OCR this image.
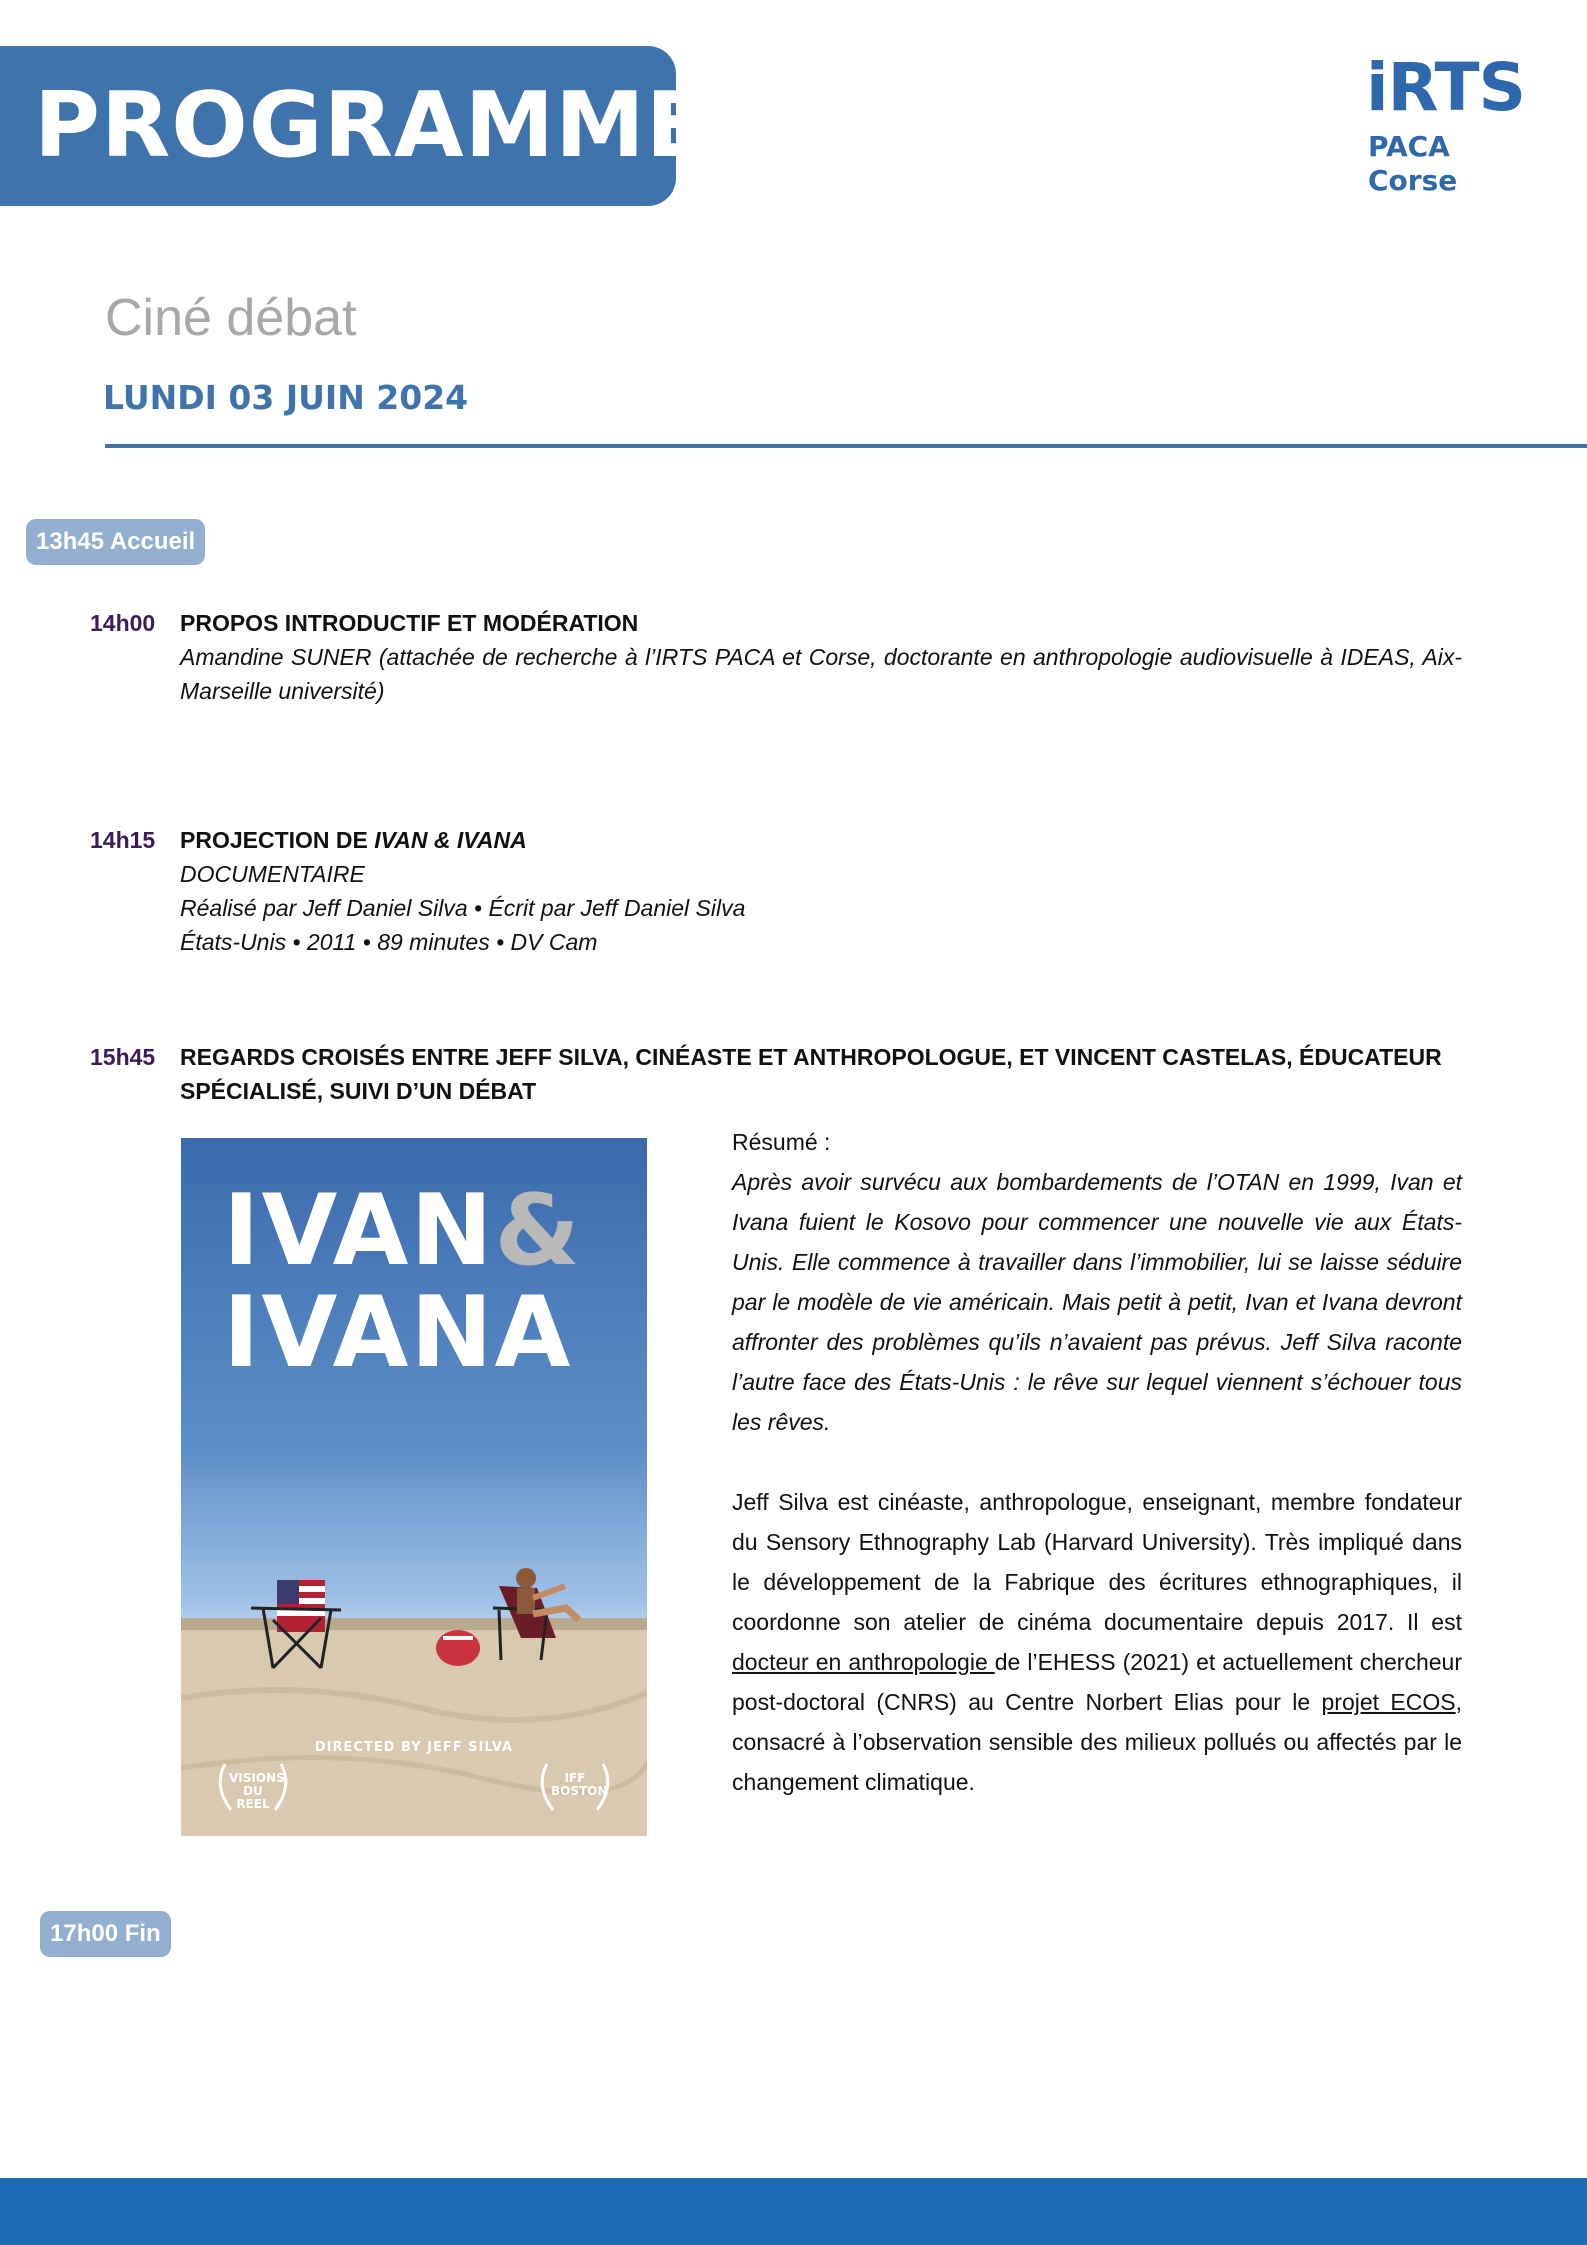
PROGRAMME	iRTS
PACA Corse
Ciné débat
LUNDI 03 JUIN 2024
13h45 Accueil
14h00 PROPOS INTRODUCTIF ET MODÉRATION
Amandine SUNER (attachée de recherche à l’IRTS PACA et Corse, doctorante en anthropologie audiovisuelle à IDEAS, Aix-Marseille université)
14h15 PROJECTION DE IVAN & IVANA
DOCUMENTAIRE
Réalisé par Jeff Daniel Silva • Écrit par Jeff Daniel Silva
États-Unis • 2011 • 89 minutes • DV Cam
15h45 REGARDS CROISÉS ENTRE JEFF SILVA, CINÉASTE ET ANTHROPOLOGUE, ET VINCENT CASTELAS, ÉDUCATEUR SPÉCIALISÉ, SUIVI D’UN DÉBAT
IVAN&
IVANA
DIRECTED BY JEFF SILVA
VISIONS DU REEL
IFF BOSTON

Résumé :

Après avoir survécu aux bombardements de l’OTAN en 1999, Ivan et Ivana fuient le Kosovo pour commencer une nouvelle vie aux États-Unis. Elle commence à travailler dans l’immobilier, lui se laisse séduire par le modèle de vie américain. Mais petit à petit, Ivan et Ivana devront affronter des problèmes qu’ils n’avaient pas prévus. Jeff Silva raconte l’autre face des États-Unis : le rêve sur lequel viennent s’échouer tous les rêves.

Jeff Silva est cinéaste, anthropologue, enseignant, membre fondateur du Sensory Ethnography Lab (Harvard University). Très impliqué dans le développement de la Fabrique des écritures ethnographiques, il coordonne son atelier de cinéma documentaire depuis 2017. Il est docteur en anthropologie de l’EHESS (2021) et actuellement chercheur post-doctoral (CNRS) au Centre Norbert Elias pour le projet ECOS, consacré à l’observation sensible des milieux pollués ou affectés par le changement climatique.

17h00 Fin
